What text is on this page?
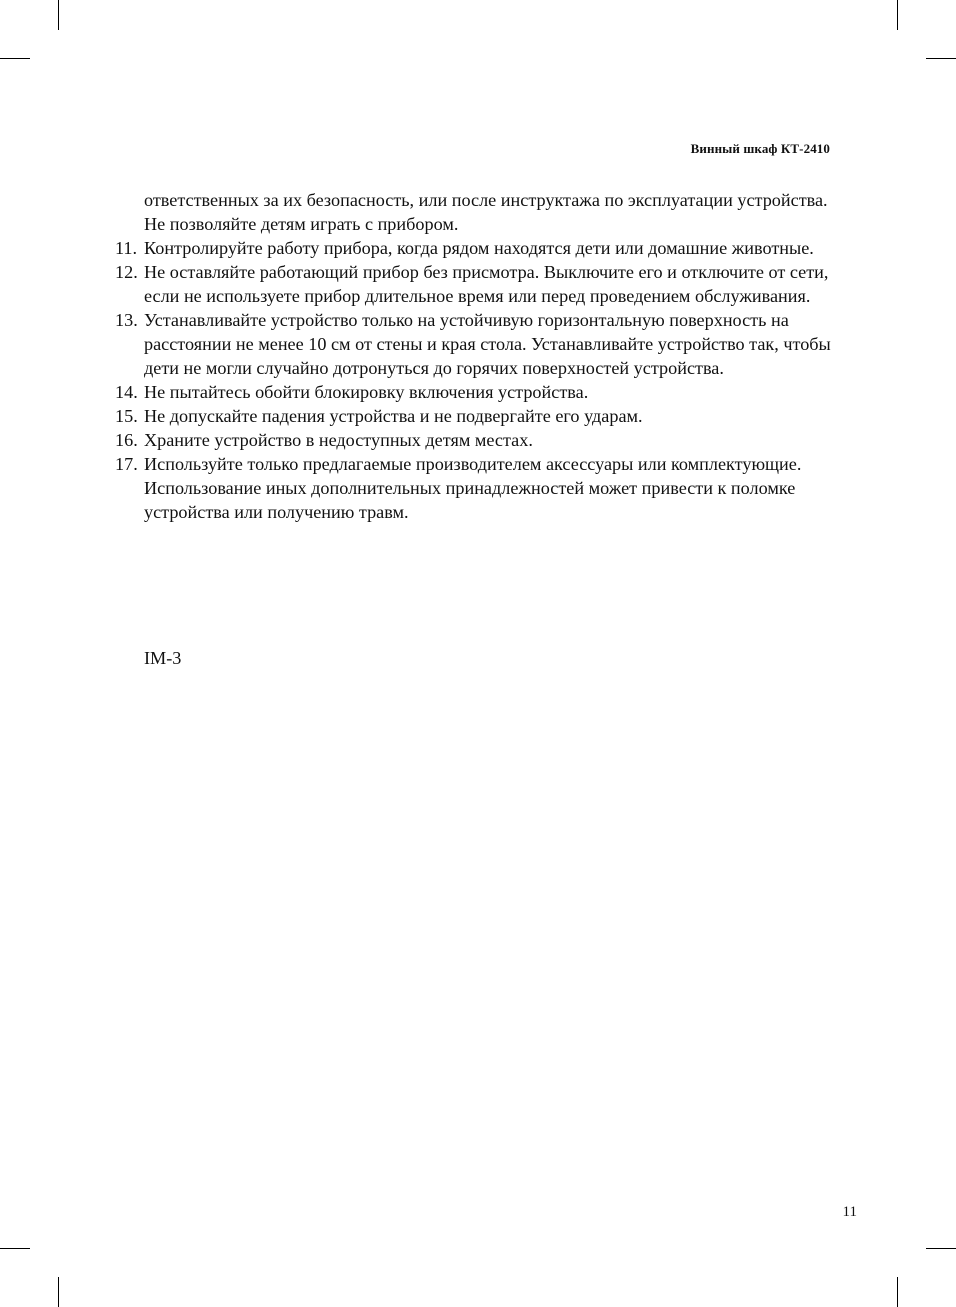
Винный шкаф КТ-2410

ответственных за их безопасность, или после инструктажа по эксплуатации устройства. Не позволяйте детям играть с прибором.

11. Контролируйте работу прибора, когда рядом находятся дети или домашние животные.
12. Не оставляйте работающий прибор без присмотра. Выключите его и отключите от сети, если не используете прибор длительное время или перед проведением обслуживания.
13. Устанавливайте устройство только на устойчивую горизонтальную поверхность на расстоянии не менее 10 см от стены и края стола. Устанавливайте устройство так, чтобы дети не могли случайно дотронуться до горячих поверхностей устройства.
14. Не пытайтесь обойти блокировку включения устройства.
15. Не допускайте падения устройства и не подвергайте его ударам.
16. Храните устройство в недоступных детям местах.
17. Используйте только предлагаемые производителем аксессуары или комплектующие. Использование иных дополнительных принадлежностей может привести к поломке устройства или получению травм.
IM-3
11
